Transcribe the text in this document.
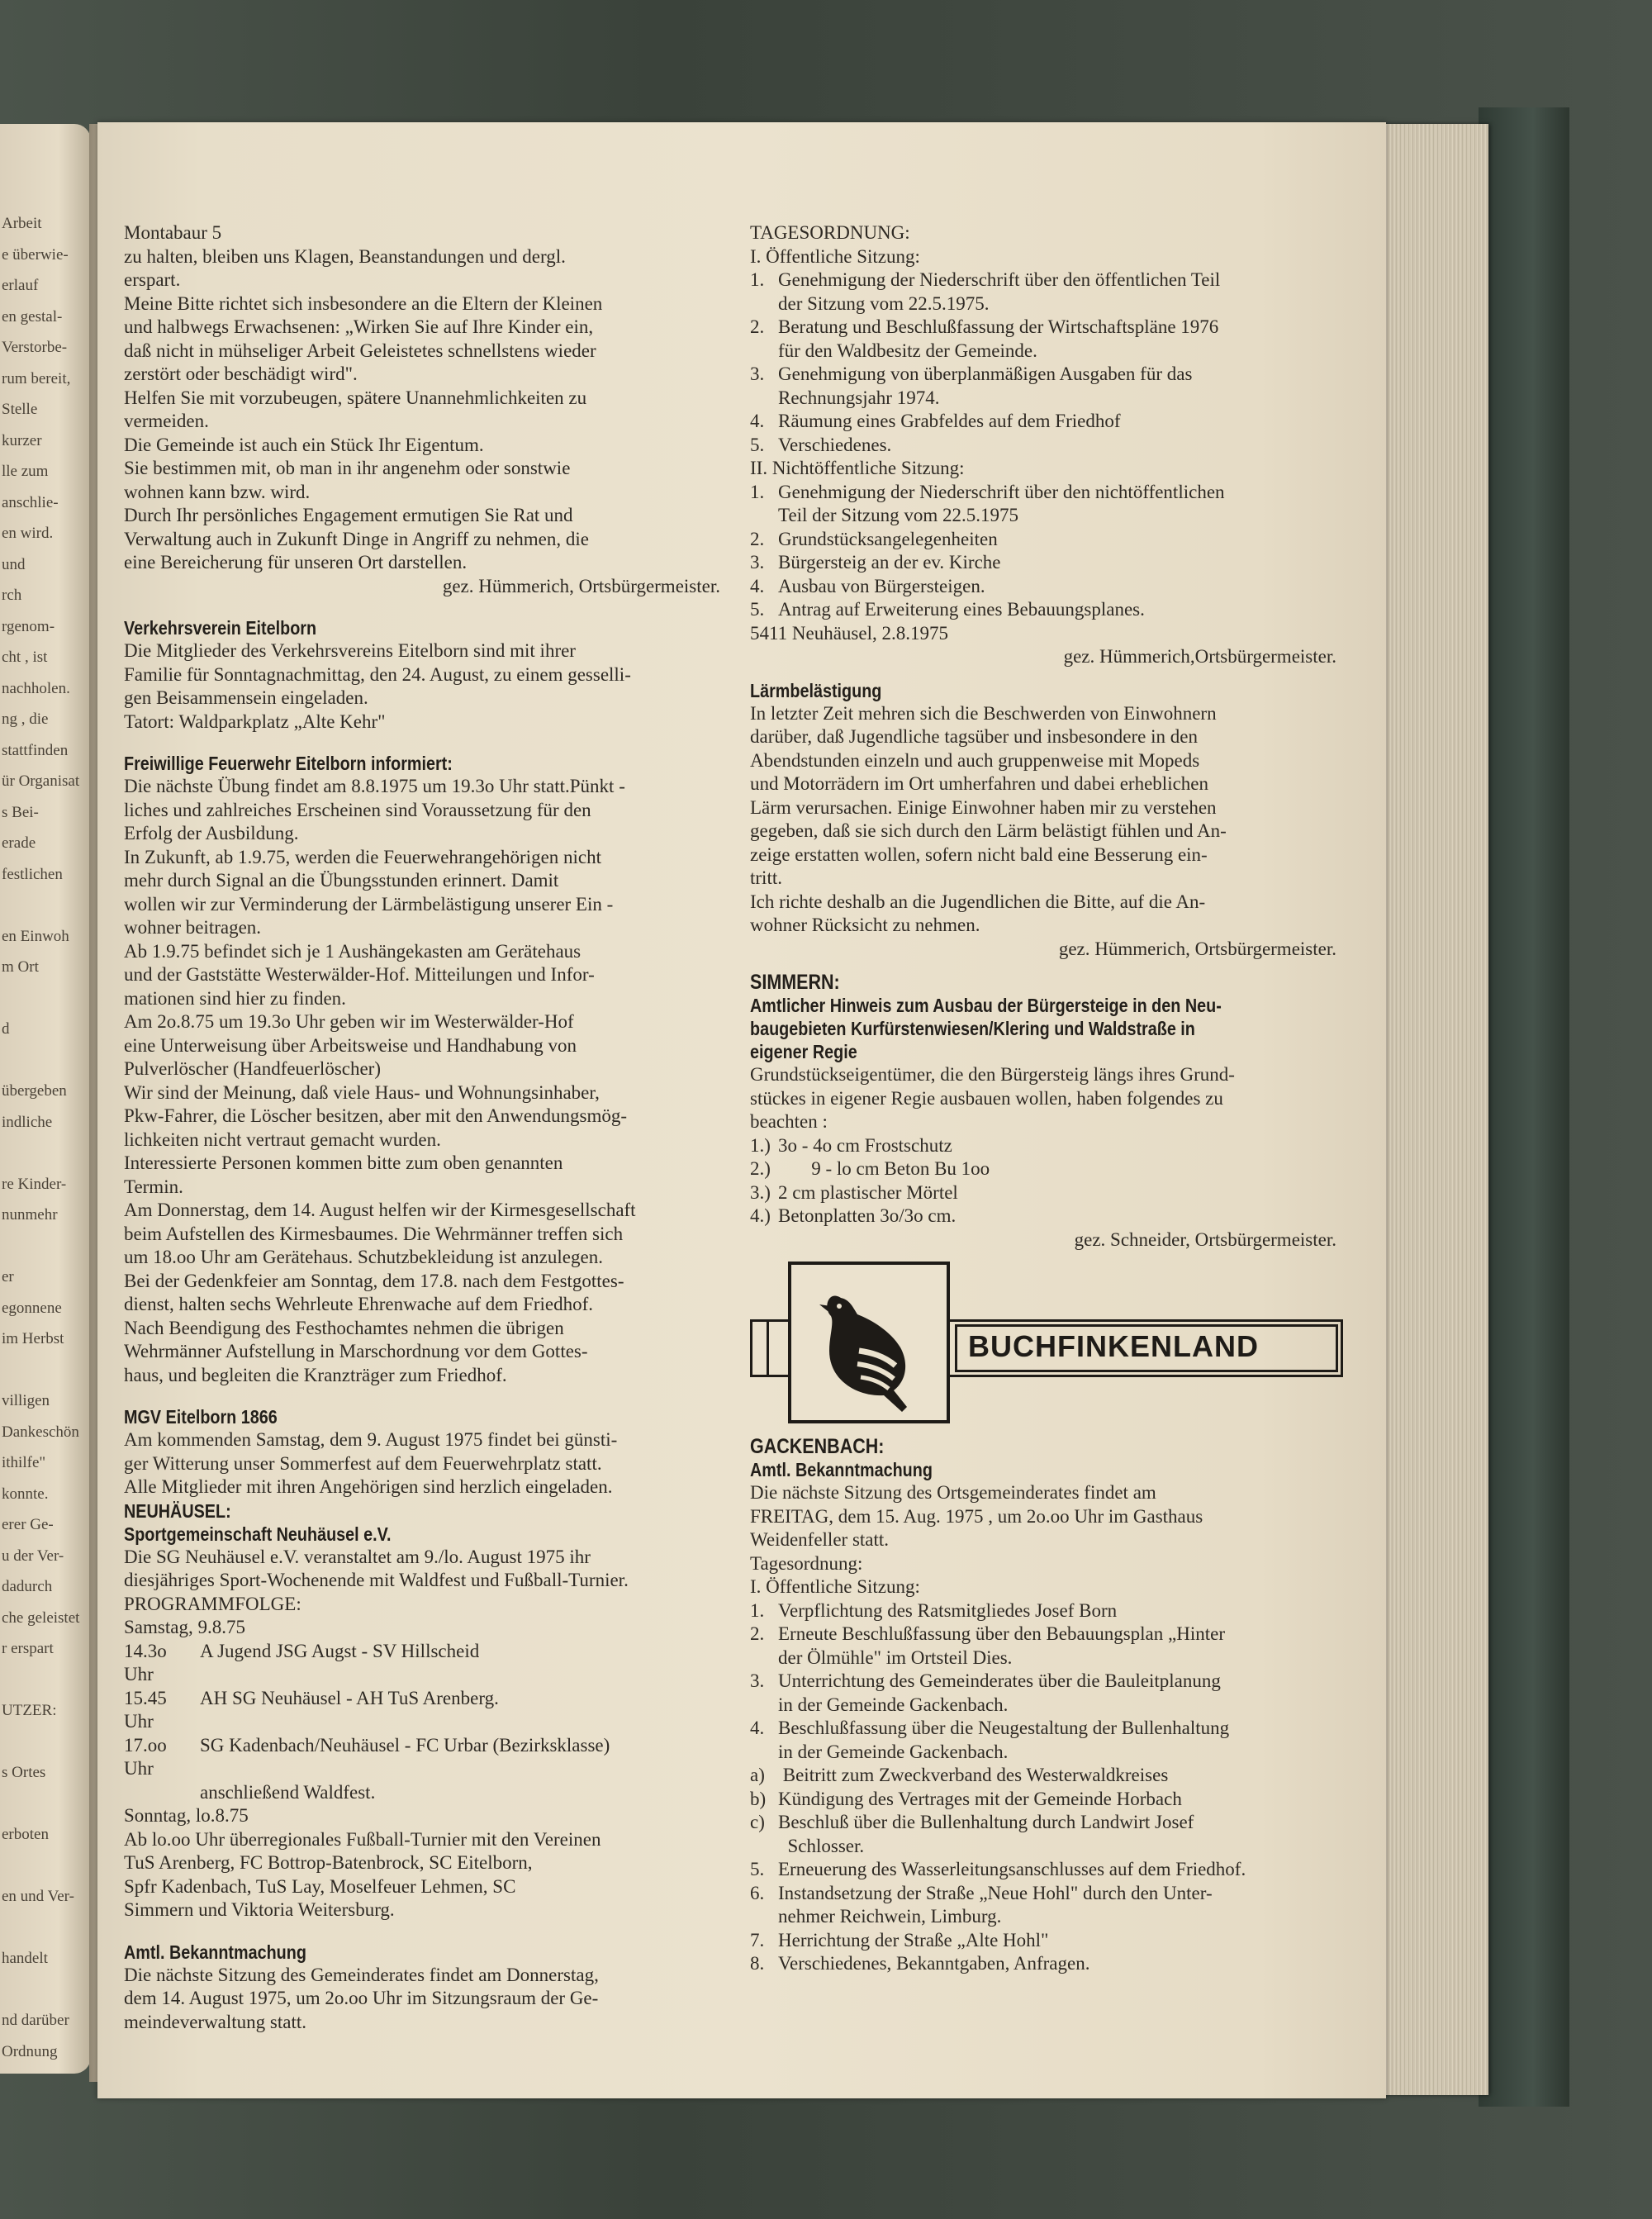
Arbeit
e überwie-
erlauf
en gestal-
Verstorbe-
rum bereit,
Stelle
kurzer
lle zum
anschlie-
en wird.
und
rch
rgenom-
cht , ist
nachholen.
ng , die
stattfinden
ür Organisat
s Bei-
erade
festlichen
en Einwoh
m Ort
d
übergeben
indliche
re Kinder-
nunmehr
er
egonnene
im Herbst
villigen
Dankeschön
ithilfe"
konnte.
erer Ge-
u der Ver-
dadurch
che geleistet
r erspart
UTZER:
s Ortes
erboten
en und Ver-
handelt
nd darüber
Ordnung

Montabaur 5

zu halten, bleiben uns Klagen, Beanstandungen und dergl.

erspart.

Meine Bitte richtet sich insbesondere an die Eltern der Kleinen

und halbwegs Erwachsenen: „Wirken Sie auf Ihre Kinder ein,

daß nicht in mühseliger Arbeit Geleistetes schnellstens wieder

zerstört oder beschädigt wird".

Helfen Sie mit vorzubeugen, spätere Unannehmlichkeiten zu

vermeiden.

Die Gemeinde ist auch ein Stück Ihr Eigentum.

Sie bestimmen mit, ob man in ihr angenehm oder sonstwie

wohnen kann bzw. wird.

Durch Ihr persönliches Engagement ermutigen Sie Rat und

Verwaltung auch in Zukunft Dinge in Angriff zu nehmen, die

eine Bereicherung für unseren Ort darstellen.

gez. Hümmerich, Ortsbürgermeister.

Verkehrsverein Eitelborn

Die Mitglieder des Verkehrsvereins Eitelborn sind mit ihrer

Familie für Sonntagnachmittag, den 24. August, zu einem gesselli-

gen Beisammensein eingeladen.

Tatort: Waldparkplatz „Alte Kehr"

Freiwillige Feuerwehr Eitelborn informiert:

Die nächste Übung findet am 8.8.1975 um 19.3o Uhr statt.Pünkt -

liches und zahlreiches Erscheinen sind Voraussetzung für den

Erfolg der Ausbildung.

In Zukunft, ab 1.9.75, werden die Feuerwehrangehörigen nicht

mehr durch Signal an die Übungsstunden erinnert. Damit

wollen wir zur Verminderung der Lärmbelästigung unserer Ein -

wohner beitragen.

Ab 1.9.75 befindet sich je 1 Aushängekasten am Gerätehaus

und der Gaststätte Westerwälder-Hof. Mitteilungen und Infor-

mationen sind hier zu finden.

Am 2o.8.75 um 19.3o Uhr geben wir im Westerwälder-Hof

eine Unterweisung über Arbeitsweise und Handhabung von

Pulverlöscher (Handfeuerlöscher)

Wir sind der Meinung, daß viele Haus- und Wohnungsinhaber,

Pkw-Fahrer, die Löscher besitzen, aber mit den Anwendungsmög-

lichkeiten nicht vertraut gemacht wurden.

Interessierte Personen kommen bitte zum oben genannten

Termin.

Am Donnerstag, dem 14. August helfen wir der Kirmesgesellschaft

beim Aufstellen des Kirmesbaumes. Die Wehrmänner treffen sich

um 18.oo Uhr am Gerätehaus. Schutzbekleidung ist anzulegen.

Bei der Gedenkfeier am Sonntag, dem 17.8. nach dem Festgottes-

dienst, halten sechs Wehrleute Ehrenwache auf dem Friedhof.

Nach Beendigung des Festhochamtes nehmen die übrigen

Wehrmänner Aufstellung in Marschordnung vor dem Gottes-

haus, und begleiten die Kranzträger zum Friedhof.

MGV Eitelborn 1866

Am kommenden Samstag, dem 9. August 1975 findet bei günsti-

ger Witterung unser Sommerfest auf dem Feuerwehrplatz statt.

Alle Mitglieder mit ihren Angehörigen sind herzlich eingeladen.

NEUHÄUSEL:

Sportgemeinschaft Neuhäusel e.V.

Die SG Neuhäusel e.V. veranstaltet am 9./lo. August 1975 ihr

diesjähriges Sport-Wochenende mit Waldfest und Fußball-Turnier.

PROGRAMMFOLGE:

Samstag, 9.8.75

14.3o Uhr
A Jugend JSG Augst - SV Hillscheid
15.45 Uhr
AH SG Neuhäusel - AH TuS Arenberg.
17.oo Uhr
SG Kadenbach/Neuhäusel - FC Urbar (Bezirksklasse)
anschließend Waldfest.

Sonntag, lo.8.75

Ab lo.oo Uhr überregionales Fußball-Turnier mit den Vereinen

TuS Arenberg, FC Bottrop-Batenbrock, SC Eitelborn,

Spfr Kadenbach, TuS Lay, Moselfeuer Lehmen, SC

Simmern und Viktoria Weitersburg.

Amtl. Bekanntmachung

Die nächste Sitzung des Gemeinderates findet am Donnerstag,

dem 14. August 1975, um 2o.oo Uhr im Sitzungsraum der Ge-

meindeverwaltung statt.

TAGESORDNUNG:

I. Öffentliche Sitzung:

1. Genehmigung der Niederschrift über den öffentlichen Teil
der Sitzung vom 22.5.1975.
2. Beratung und Beschlußfassung der Wirtschaftspläne 1976
für den Waldbesitz der Gemeinde.
3. Genehmigung von überplanmäßigen Ausgaben für das
Rechnungsjahr 1974.
4. Räumung eines Grabfeldes auf dem Friedhof
5. Verschiedenes.

II. Nichtöffentliche Sitzung:

1. Genehmigung der Niederschrift über den nichtöffentlichen
Teil der Sitzung vom 22.5.1975
2. Grundstücksangelegenheiten
3. Bürgersteig an der ev. Kirche
4. Ausbau von Bürgersteigen.
5. Antrag auf Erweiterung eines Bebauungsplanes.

5411 Neuhäusel, 2.8.1975

gez. Hümmerich,Ortsbürgermeister.

Lärmbelästigung

In letzter Zeit mehren sich die Beschwerden von Einwohnern

darüber, daß Jugendliche tagsüber und insbesondere in den

Abendstunden einzeln und auch gruppenweise mit Mopeds

und Motorrädern im Ort umherfahren und dabei erheblichen

Lärm verursachen. Einige Einwohner haben mir zu verstehen

gegeben, daß sie sich durch den Lärm belästigt fühlen und An-

zeige erstatten wollen, sofern nicht bald eine Besserung ein-

tritt.

Ich richte deshalb an die Jugendlichen die Bitte, auf die An-

wohner Rücksicht zu nehmen.

gez. Hümmerich, Ortsbürgermeister.

SIMMERN:

Amtlicher Hinweis zum Ausbau der Bürgersteige in den Neu-

baugebieten Kurfürstenwiesen/Klering und Waldstraße in

eigener Regie

Grundstückseigentümer, die den Bürgersteig längs ihres Grund-

stückes in eigener Regie ausbauen wollen, haben folgendes zu

beachten :

1.) 3o - 4o cm Frostschutz
2.) 9 - lo cm Beton Bu 1oo
3.) 2 cm plastischer Mörtel
4.) Betonplatten 3o/3o cm.

gez. Schneider, Ortsbürgermeister.

BUCHFINKENLAND

GACKENBACH:

Amtl. Bekanntmachung

Die nächste Sitzung des Ortsgemeinderates findet am

FREITAG, dem 15. Aug. 1975 , um 2o.oo Uhr im Gasthaus

Weidenfeller statt.

Tagesordnung:

I. Öffentliche Sitzung:

1. Verpflichtung des Ratsmitgliedes Josef Born
2. Erneute Beschlußfassung über den Bebauungsplan „Hinter
der Ölmühle" im Ortsteil Dies.
3. Unterrichtung des Gemeinderates über die Bauleitplanung
in der Gemeinde Gackenbach.
4. Beschlußfassung über die Neugestaltung der Bullenhaltung
in der Gemeinde Gackenbach.
a) Beitritt zum Zweckverband des Westerwaldkreises
b) Kündigung des Vertrages mit der Gemeinde Horbach
c) Beschluß über die Bullenhaltung durch Landwirt Josef
Schlosser.
5. Erneuerung des Wasserleitungsanschlusses auf dem Friedhof.
6. Instandsetzung der Straße „Neue Hohl" durch den Unter-
nehmer Reichwein, Limburg.
7. Herrichtung der Straße „Alte Hohl"
8. Verschiedenes, Bekanntgaben, Anfragen.
